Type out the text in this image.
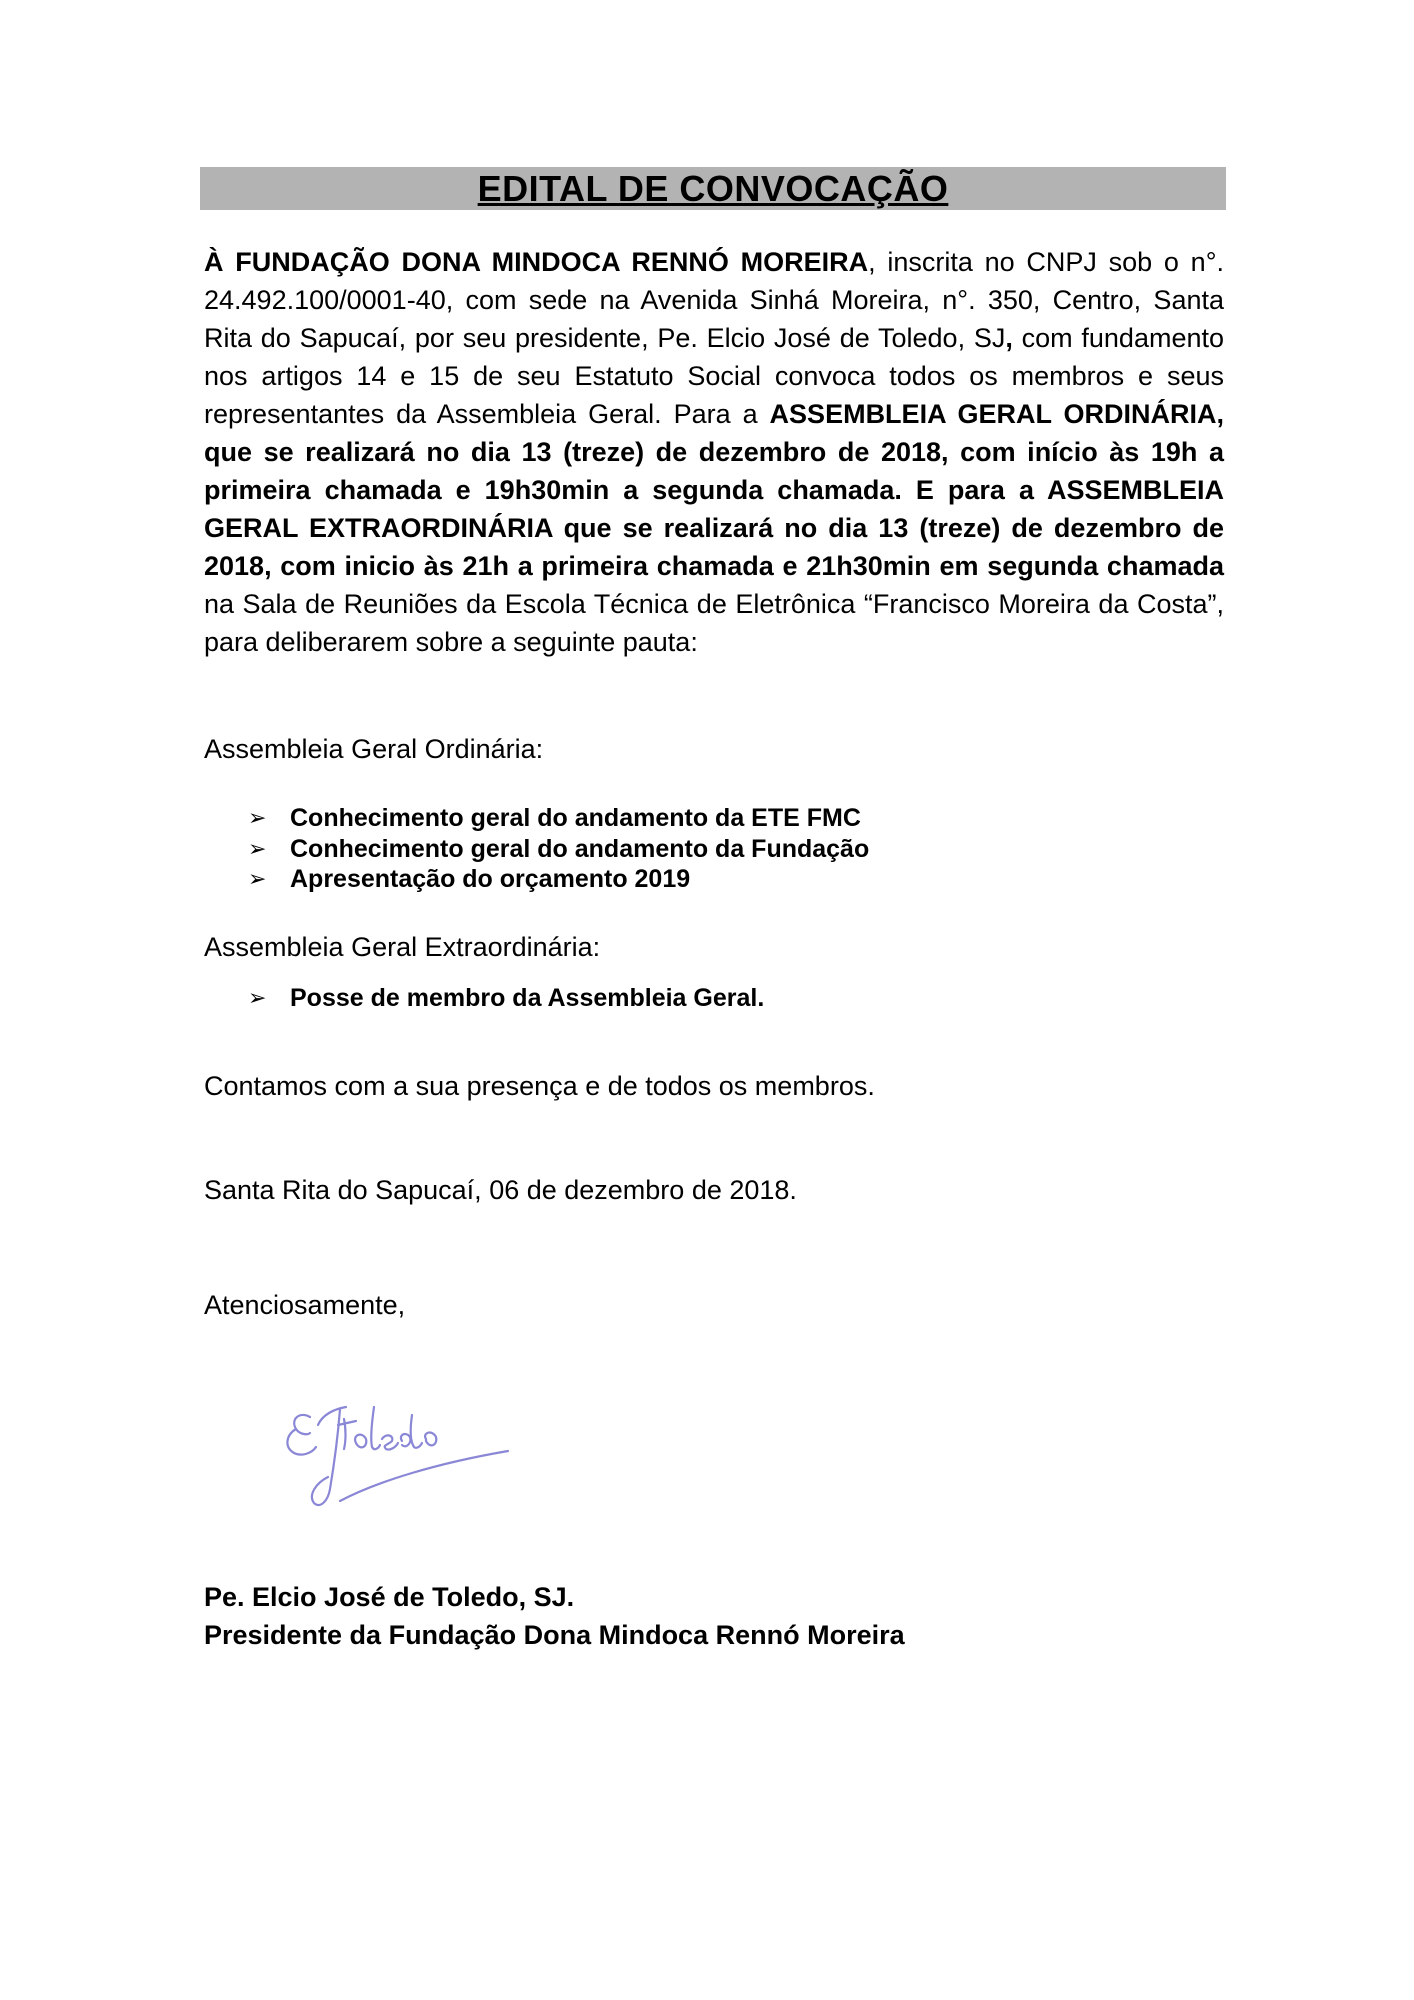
EDITAL DE CONVOCAÇÃO

À FUNDAÇÃO DONA MINDOCA RENNÓ MOREIRA, inscrita no CNPJ sob o n°. 24.492.100/0001-40, com sede na Avenida Sinhá Moreira, n°. 350, Centro, Santa Rita do Sapucaí, por seu presidente, Pe. Elcio José de Toledo, SJ, com fundamento nos artigos 14 e 15 de seu Estatuto Social convoca todos os membros e seus representantes da Assembleia Geral. Para a ASSEMBLEIA GERAL ORDINÁRIA, que se realizará no dia 13 (treze) de dezembro de 2018, com início às 19h a primeira chamada e 19h30min a segunda chamada. E para a ASSEMBLEIA GERAL EXTRAORDINÁRIA que se realizará no dia 13 (treze) de dezembro de 2018, com inicio às 21h a primeira chamada e 21h30min em segunda chamada na Sala de Reuniões da Escola Técnica de Eletrônica “Francisco Moreira da Costa”, para deliberarem sobre a seguinte pauta:

Assembleia Geral Ordinária:

➢ Conhecimento geral do andamento da ETE FMC
➢ Conhecimento geral do andamento da Fundação
➢ Apresentação do orçamento 2019

Assembleia Geral Extraordinária:

➢ Posse de membro da Assembleia Geral.

Contamos com a sua presença e de todos os membros.

Santa Rita do Sapucaí, 06 de dezembro de 2018.

Atenciosamente,

Pe. Elcio José de Toledo, SJ.
Presidente da Fundação Dona Mindoca Rennó Moreira
